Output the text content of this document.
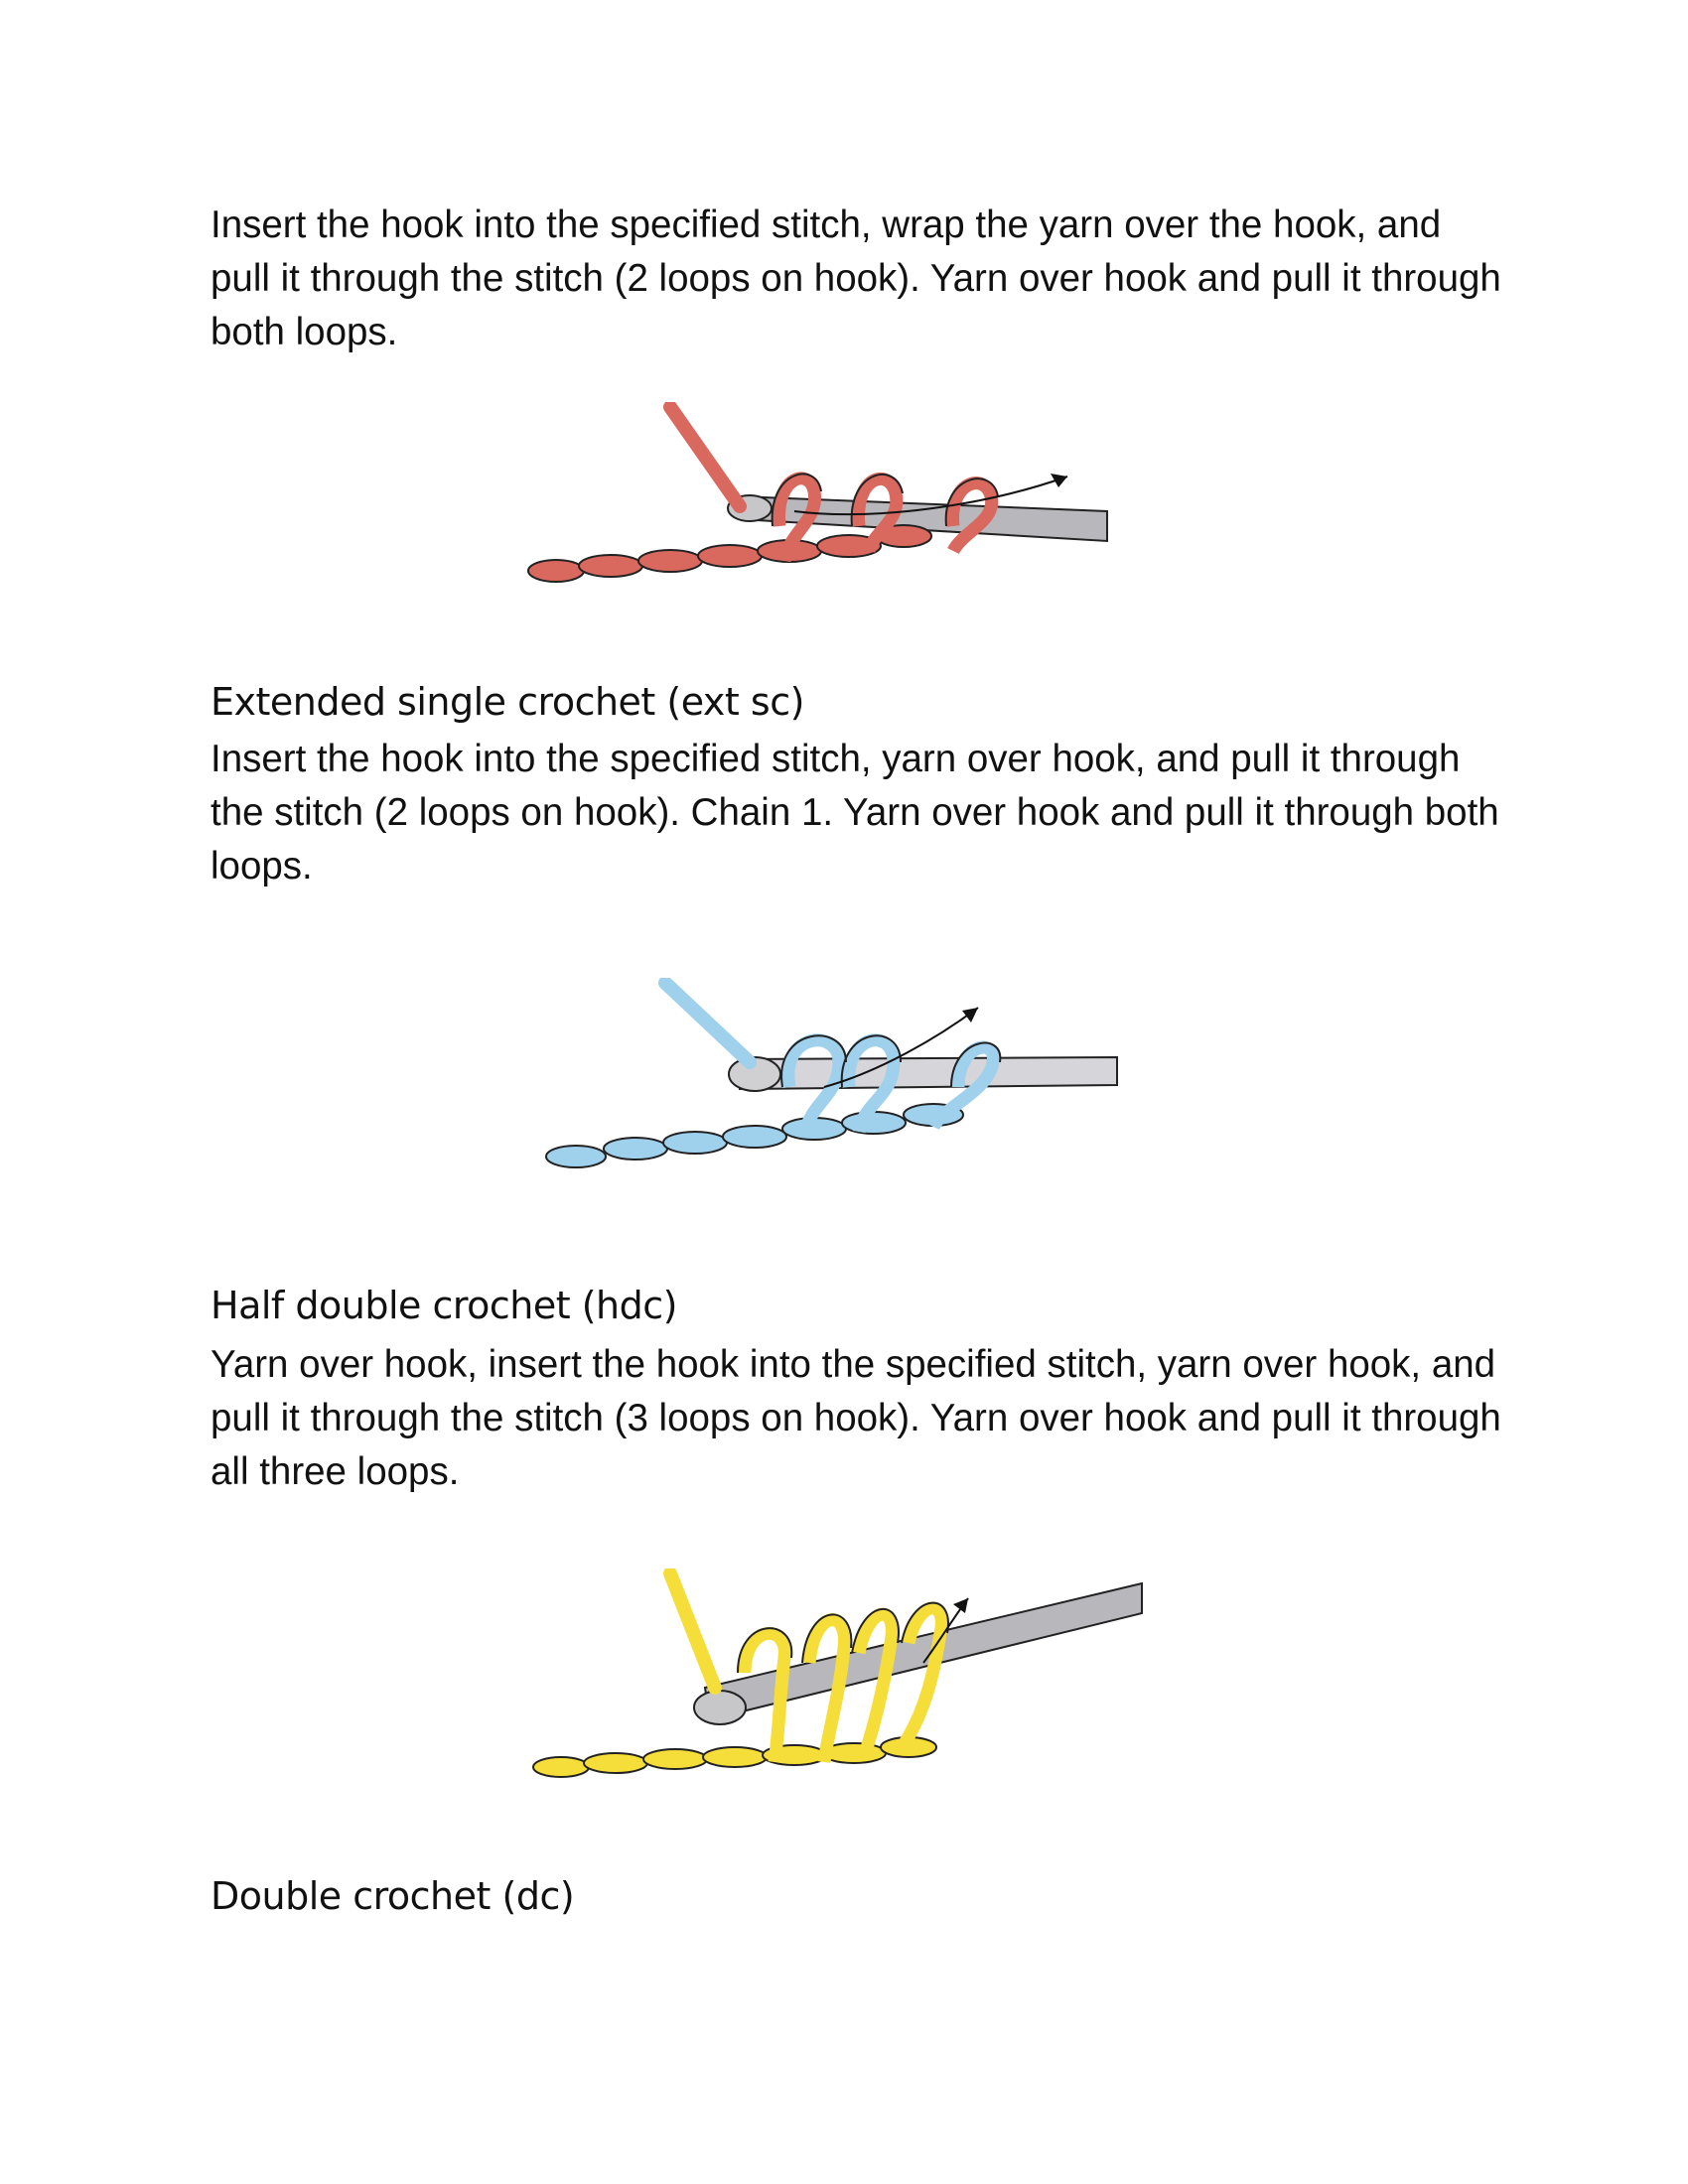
Insert the hook into the specified stitch, wrap the yarn over the hook, and pull it through the stitch (2 loops on hook). Yarn over hook and pull it through both loops.
Extended single crochet (ext sc)
Insert the hook into the specified stitch, yarn over hook, and pull it through the stitch (2 loops on hook). Chain 1. Yarn over hook and pull it through both loops.
Half double crochet (hdc)
Yarn over hook, insert the hook into the specified stitch, yarn over hook, and pull it through the stitch (3 loops on hook). Yarn over hook and pull it through all three loops.
Double crochet (dc)
